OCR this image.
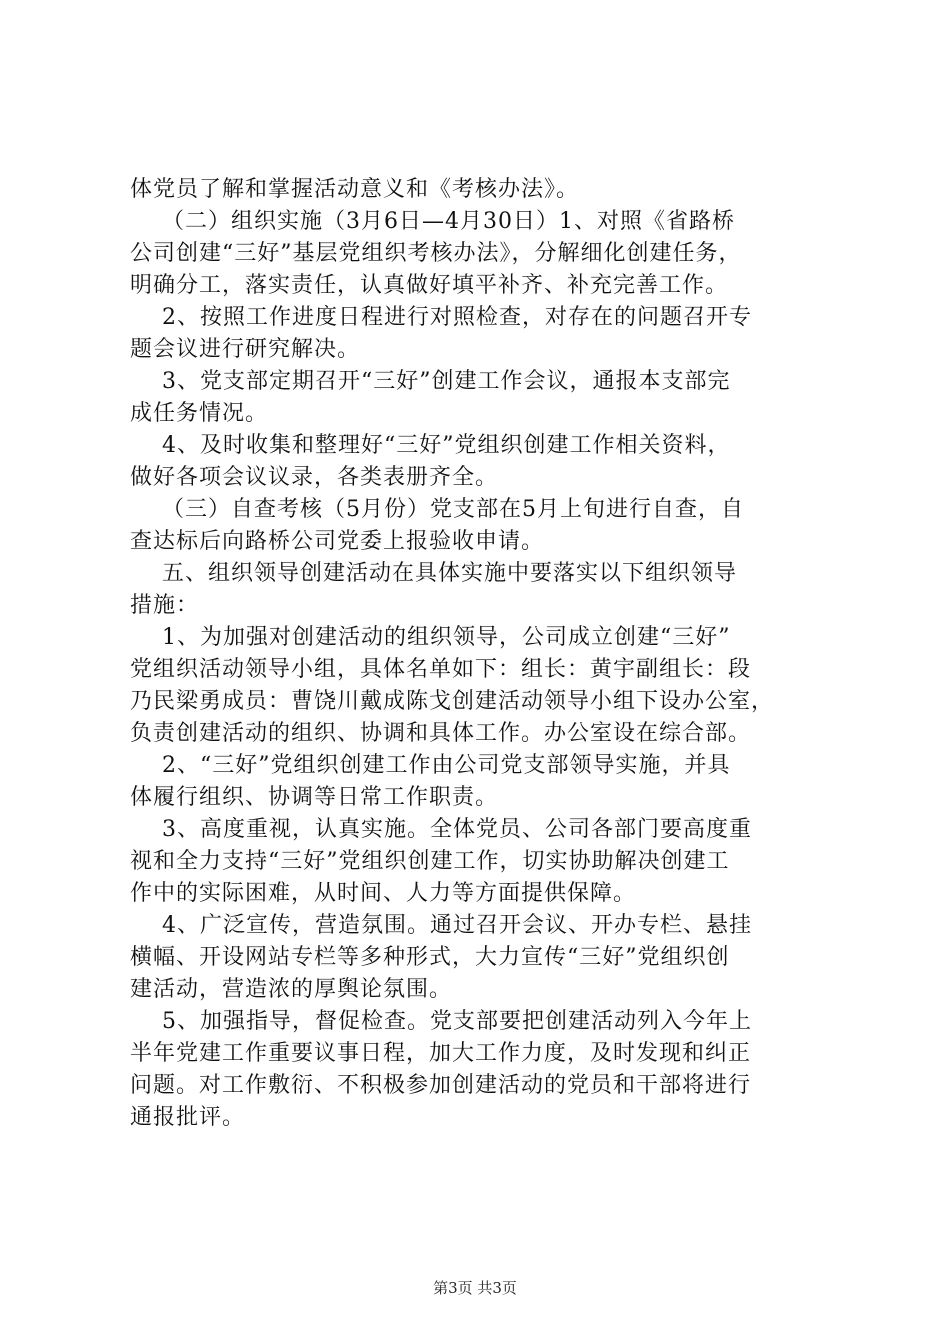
体党员了解和掌握活动意义和《考核办法》。
（二）组织实施（3月6日—4月30日）1、对照《省路桥
公司创建“三好”基层党组织考核办法》，分解细化创建任务，
明确分工，落实责任，认真做好填平补齐、补充完善工作。
2、按照工作进度日程进行对照检查，对存在的问题召开专
题会议进行研究解决。
3、党支部定期召开“三好”创建工作会议，通报本支部完
成任务情况。
4、及时收集和整理好“三好”党组织创建工作相关资料，
做好各项会议议录，各类表册齐全。
（三）自查考核（5月份）党支部在5月上旬进行自查，自
查达标后向路桥公司党委上报验收申请。
五、组织领导创建活动在具体实施中要落实以下组织领导
措施：
1、为加强对创建活动的组织领导，公司成立创建“三好”
党组织活动领导小组，具体名单如下：组长：黄宇副组长：段
乃民梁勇成员：曹饶川戴成陈戈创建活动领导小组下设办公室，
负责创建活动的组织、协调和具体工作。办公室设在综合部。
2、“三好”党组织创建工作由公司党支部领导实施，并具
体履行组织、协调等日常工作职责。
3、高度重视，认真实施。全体党员、公司各部门要高度重
视和全力支持“三好”党组织创建工作，切实协助解决创建工
作中的实际困难，从时间、人力等方面提供保障。
4、广泛宣传，营造氛围。通过召开会议、开办专栏、悬挂
横幅、开设网站专栏等多种形式，大力宣传“三好”党组织创
建活动，营造浓的厚舆论氛围。
5、加强指导，督促检查。党支部要把创建活动列入今年上
半年党建工作重要议事日程，加大工作力度，及时发现和纠正
问题。对工作敷衍、不积极参加创建活动的党员和干部将进行
通报批评。
第3页 共3页
